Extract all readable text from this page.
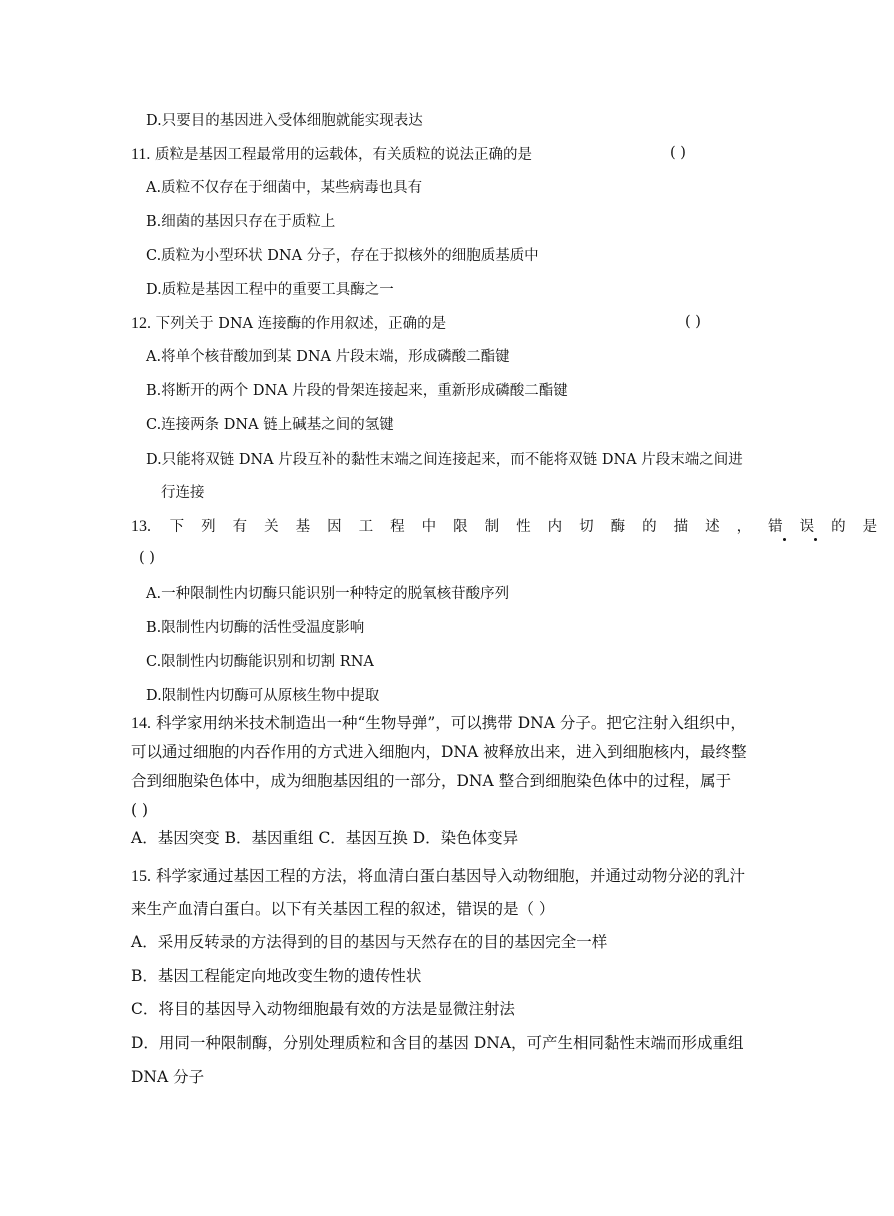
D.只要目的基因进入受体细胞就能实现表达
11. 质粒是基因工程最常用的运载体，有关质粒的说法正确的是	( )
A.质粒不仅存在于细菌中，某些病毒也具有
B.细菌的基因只存在于质粒上
C.质粒为小型环状 DNA 分子，存在于拟核外的细胞质基质中
D.质粒是基因工程中的重要工具酶之一
12. 下列关于 DNA 连接酶的作用叙述，正确的是	( )
A.将单个核苷酸加到某 DNA 片段末端，形成磷酸二酯键
B.将断开的两个 DNA 片段的骨架连接起来，重新形成磷酸二酯键
C.连接两条 DNA 链上碱基之间的氢键
D.只能将双链 DNA 片段互补的黏性末端之间连接起来，而不能将双链 DNA 片段末端之间进
行连接
13. 下列有关基因工程中限制性内切酶的描述，错误的是
( )
A.一种限制性内切酶只能识别一种特定的脱氧核苷酸序列
B.限制性内切酶的活性受温度影响
C.限制性内切酶能识别和切割 RNA
D.限制性内切酶可从原核生物中提取
14. 科学家用纳米技术制造出一种“生物导弹”，可以携带 DNA 分子。把它注射入组织中，
可以通过细胞的内吞作用的方式进入细胞内，DNA 被释放出来，进入到细胞核内，最终整
合到细胞染色体中，成为细胞基因组的一部分，DNA 整合到细胞染色体中的过程，属于
( )
A．基因突变 B．基因重组 C．基因互换 D．染色体变异
15. 科学家通过基因工程的方法，将血清白蛋白基因导入动物细胞，并通过动物分泌的乳汁
来生产血清白蛋白。以下有关基因工程的叙述，错误的是（ ）
A．采用反转录的方法得到的目的基因与天然存在的目的基因完全一样
B．基因工程能定向地改变生物的遗传性状
C．将目的基因导入动物细胞最有效的方法是显微注射法
D．用同一种限制酶，分别处理质粒和含目的基因 DNA，可产生相同黏性末端而形成重组
DNA 分子
